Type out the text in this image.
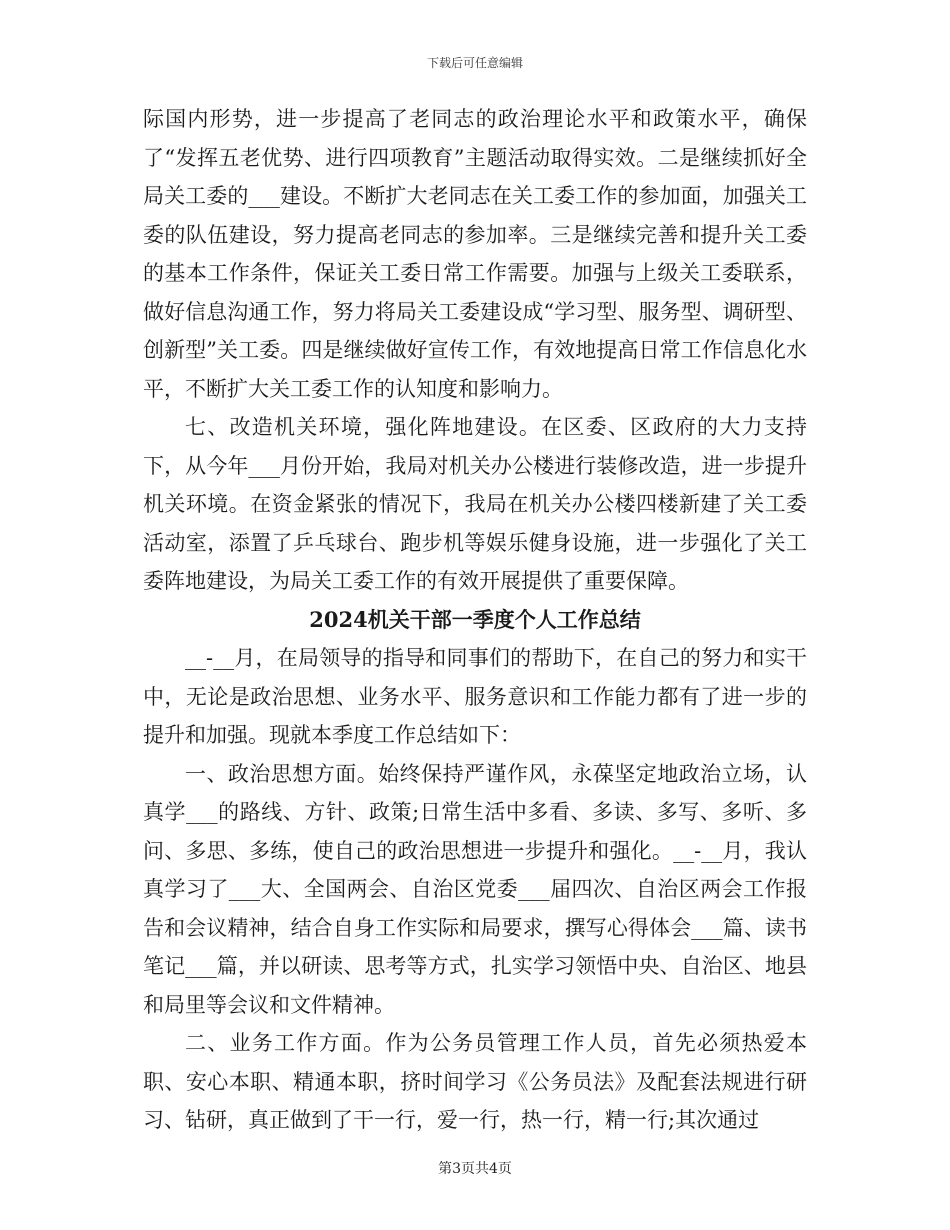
下载后可任意编辑

际国内形势，进一步提高了老同志的政治理论水平和政策水平，确保了“发挥五老优势、进行四项教育”主题活动取得实效。二是继续抓好全局关工委的___建设。不断扩大老同志在关工委工作的参加面，加强关工委的队伍建设，努力提高老同志的参加率。三是继续完善和提升关工委的基本工作条件，保证关工委日常工作需要。加强与上级关工委联系，做好信息沟通工作，努力将局关工委建设成“学习型、服务型、调研型、创新型”关工委。四是继续做好宣传工作，有效地提高日常工作信息化水平，不断扩大关工委工作的认知度和影响力。

七、改造机关环境，强化阵地建设。在区委、区政府的大力支持下，从今年___月份开始，我局对机关办公楼进行装修改造，进一步提升机关环境。在资金紧张的情况下，我局在机关办公楼四楼新建了关工委活动室，添置了乒乓球台、跑步机等娱乐健身设施，进一步强化了关工委阵地建设，为局关工委工作的有效开展提供了重要保障。

2024机关干部一季度个人工作总结

__-__月，在局领导的指导和同事们的帮助下，在自己的努力和实干中，无论是政治思想、业务水平、服务意识和工作能力都有了进一步的提升和加强。现就本季度工作总结如下：

一、政治思想方面。始终保持严谨作风，永葆坚定地政治立场，认真学___的路线、方针、政策;日常生活中多看、多读、多写、多听、多问、多思、多练，使自己的政治思想进一步提升和强化。__-__月，我认真学习了___大、全国两会、自治区党委___届四次、自治区两会工作报告和会议精神，结合自身工作实际和局要求，撰写心得体会___篇、读书笔记___篇，并以研读、思考等方式，扎实学习领悟中央、自治区、地县和局里等会议和文件精神。

二、业务工作方面。作为公务员管理工作人员，首先必须热爱本职、安心本职、精通本职，挤时间学习《公务员法》及配套法规进行研习、钻研，真正做到了干一行，爱一行，热一行，精一行;其次通过

第3页共4页
